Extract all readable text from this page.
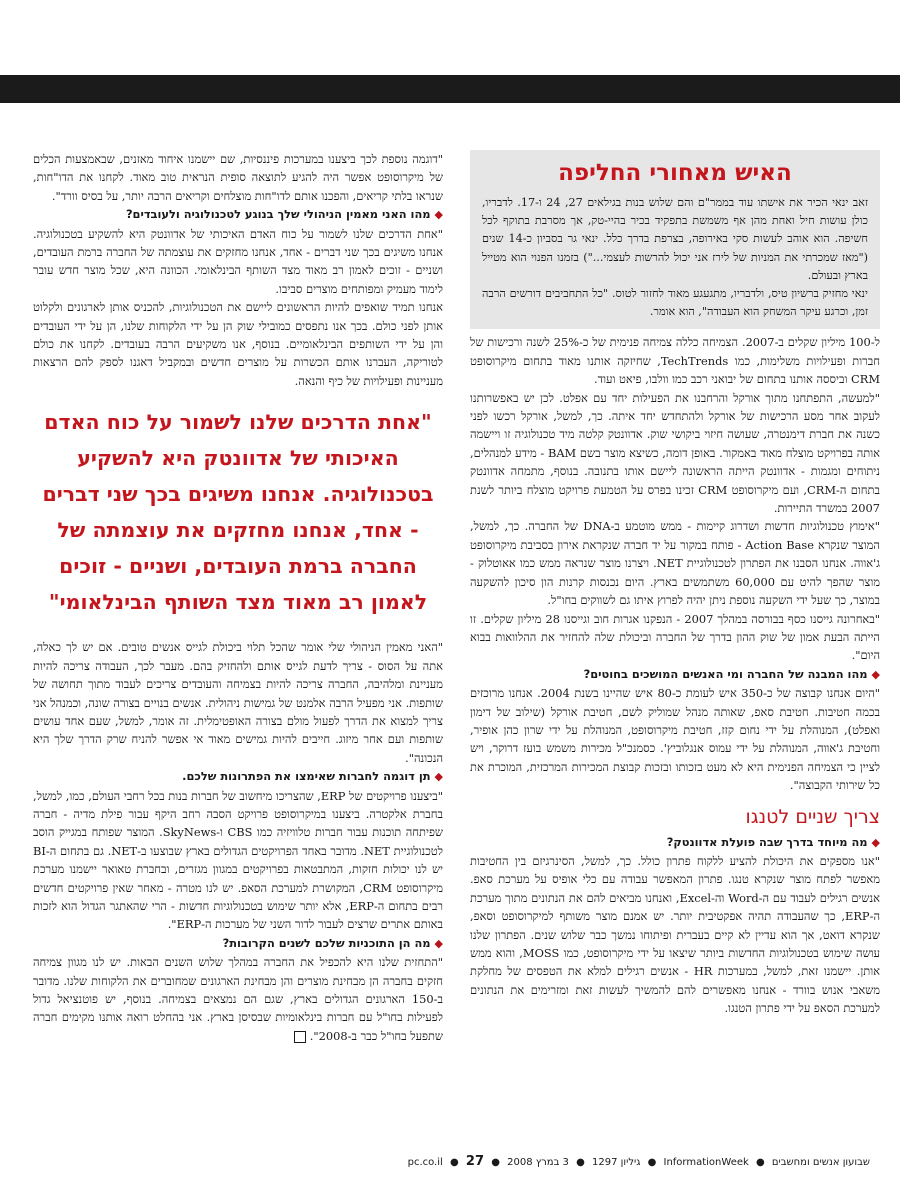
האיש מאחורי החליפה

זאב ינאי הכיר את אישתו עוד בממר"ם והם שלוש בנות בגילאים 27, 24 ו-17. לדבריו, כולן עושות חיל ואחת מהן אף משמשת בתפקיד בכיר בהיי-טק, אך מסרבת בתוקף לכל חשיפה. הוא אוהב לעשות סקי באירופה, בצרפת בדרך כלל. ינאי גר בסביון כ-14 שנים ("מאז שמכרתי את המניות של לירז אני יכול להרשות לעצמי...") בזמנו הפנוי הוא מטייל בארץ ובעולם.

ינאי מחזיק ברשיון טיס, ולדבריו, מתגעגע מאוד לחזור לטוס. "כל התחביבים דורשים הרבה זמן, וכרגע עיקר המשחק הוא העבודה", הוא אומר.

ל-100 מיליון שקלים ב-2007. הצמיחה כללה צמיחה פנימית של כ-25% לשנה ורכישות של חברות ופעילויות משלימות, כמו TechTrends, שחיזקה אותנו מאוד בתחום מיקרוסופט CRM וביססה אותנו בתחום של יבואני רכב כמו וולבו, פיאט ועוד.

"למעשה, התפתחנו מתוך אורקל והרחבנו את הפעילות יחד עם אפלט. לכן יש באפשרותנו לעקוב אחר מסע הרכישות של אורקל ולהתחדש יחד איתה. כך, למשל, אורקל רכשו לפני כשנה את חברת דימנטרה, שעושה חיזוי ביקושי שוק. אדוונטק קלטה מיד טכנולוגיה זו ויישמה אותה בפרויקט מוצלח מאוד באמקור. באופן דומה, כשיצא מוצר בשם BAM - מידע למנהלים, ניתוחים ומגמות - אדוונטק הייתה הראשונה ליישם אותו בתנובה. בנוסף, מתמחה אדוונטק בתחום ה-CRM, ועם מיקרוסופט CRM זכינו בפרס על הטמעת פרויקט מוצלח ביותר לשנת 2007 במשרד התיירות.

"אימוץ טכנולוגיות חדשות ושדרוג קיימות - ממש מוטמע ב-DNA של החברה. כך, למשל, המוצר שנקרא Action Base - פותח במקור על יד חברה שנקראת אירון בסביבת מיקרוסופט ג'אווה. אנחנו הסבנו את הפתרון לטכנולוגיית NET. ויצרנו מוצר שנראה ממש כמו אאוטלוק - מוצר שהפך להיט עם 60,000 משתמשים בארץ. היום נכנסות קרנות הון סיכון להשקעה במוצר, כך שעל ידי השקעה נוספת ניתן יהיה לפרוץ איתו גם לשווקים בחו"ל.

"באחרונה גייסנו כסף בבורסה במהלך 2007 - הנפקנו אגרות חוב וגייסנו 28 מיליון שקלים. זו הייתה הבעת אמון של שוק ההון בדרך של החברה וביכולת שלה להחזיר את ההלוואות בבוא היום".

◆מהו המבנה של החברה ומי האנשים המושכים בחוטים?

"היום אנחנו קבוצה של כ-350 איש לעומת כ-80 איש שהיינו בשנת 2004. אנחנו מרוכזים בכמה חטיבות. חטיבת סאפ, שאותה מנהל שמוליק לשם, חטיבת אורקל (שילוב של דימון ואפלט), המנוהלת על ידי נחום קזז, חטיבת מיקרוסופט, המנוהלת על ידי שרון כהן אופיר, וחטיבת ג'אווה, המנוהלת על ידי עמוס אנגלוביץ'. כסמנכ"ל מכירות משמש בועז דרוקר, ויש לציין כי הצמיחה הפנימית היא לא מעט בזכותו ובזכות קבוצת המכירות המרכזית, המוכרת את כל שירותי הקבוצה".

צריך שניים לטנגו

◆מה מיוחד בדרך שבה פועלת אדוונטק?

"אנו מספקים את היכולת להציע ללקוח פתרון כולל. כך, למשל, הסינרגיזם בין החטיבות מאפשר לפתח מוצר שנקרא טנגו. פתרון המאפשר עבודה עם כלי אופיס על מערכת סאפ. אנשים רגילים לעבוד עם ה-Word וה-Excel, ואנחנו מביאים להם את הנתונים מתוך מערכת ה-ERP, כך שהעבודה תהיה אפקטיבית יותר. יש אמנם מוצר משותף למיקרוסופט וסאפ, שנקרא דואט, אך הוא עדיין לא קיים בעברית ופיתוחו נמשך כבר שלוש שנים. הפתרון שלנו עושה שימוש בטכנולוגיות החדשות ביותר שיצאו על ידי מיקרוסופט, כמו MOSS, והוא ממש אותן. יישמנו זאת, למשל, במערכות HR - אנשים רגילים למלא את הטפסים של מחלקת משאבי אנוש בוורד - אנחנו מאפשרים להם להמשיך לעשות זאת ומזרימים את הנתונים למערכת הסאפ על ידי פתרון הטנגו.

"דוגמה נוספת לכך ביצענו במערכות פיננסיות, שם יישמנו איחוד מאזנים, שבאמצעות הכלים של מיקרוסופט אפשר היה להגיע לתוצאה סופית הנראית טוב מאוד. לקחנו את הדו"חות, שנראו בלתי קריאים, והפכנו אותם לדו"חות מוצלחים וקריאים הרבה יותר, על בסיס וורד".

◆מהו האני מאמין הניהולי שלך בנוגע לטכנולוגיה ולעובדים?

"אחת הדרכים שלנו לשמור על כוח האדם האיכותי של אדוונטק היא להשקיע בטכנולוגיה. אנחנו משיגים בכך שני דברים - אחד, אנחנו מחזקים את עוצמתה של החברה ברמת העובדים, ושניים - זוכים לאמון רב מאוד מצד השותף הבינלאומי. הכוונה היא, שכל מוצר חדש עובר לימוד מעמיק ומפותחים מוצרים סביבו.

אנחנו תמיד שואפים להיות הראשונים ליישם את הטכנולוגיות, להכניס אותן לארגונים ולקלוט אותן לפני כולם. בכך אנו נתפסים כמובילי שוק הן על ידי הלקוחות שלנו, הן על ידי העובדים והן על ידי השותפים הבינלאומיים. בנוסף, אנו משקיעים הרבה בעובדים. לקחנו את כולם לטוריקה, העברנו אותם הכשרות על מוצרים חדשים ובמקביל דאגנו לספק להם הרצאות מעניינות ופעילויות של כיף והנאה.

"אחת הדרכים שלנו לשמור על כוח האדם האיכותי של אדוונטק היא להשקיע בטכנולוגיה. אנחנו משיגים בכך שני דברים - אחד, אנחנו מחזקים את עוצמתה של החברה ברמת העובדים, ושניים - זוכים לאמון רב מאוד מצד השותף הבינלאומי"

"האני מאמין הניהולי שלי אומר שהכל תלוי ביכולת לגייס אנשים טובים. אם יש לך כאלה, אתה על הסוס - צריך לדעת לגייס אותם ולהחזיק בהם. מעבר לכך, העבודה צריכה להיות מעניינת ומלהיבה, החברה צריכה להיות בצמיחה והעובדים צריכים לעבוד מתוך תחושה של שותפות. אני מפעיל הרבה אלמנט של גמישות ניהולית. אנשים בנויים בצורה שונה, וכמנהל אני צריך למצוא את הדרך לפעול מולם בצורה האופטימלית. זה אומר, למשל, שעם אחד עושים שותפות ועם אחר מיזוג. חייבים להיות גמישים מאוד אי אפשר להניח שרק הדרך שלך היא הנכונה".

◆תן דוגמה לחברות שאימצו את הפתרונות שלכם.

"ביצענו פרויקטים של ERP, שהצריכו מיחשוב של חברות בנות בכל רחבי העולם, כמו, למשל, בחברת אלקטרה. ביצענו במיקרוסופט פרויקט הסבה רחב היקף עבור פילת מדיה - חברה שפיתחה תוכנות עבור חברות טלוויזיה כמו CBS ו-SkyNews. המוצר שפותח במגייק הוסב לטכנולוגיית NET. מדובר באחד הפרויקטים הגדולים בארץ שבוצעו ב-NET. גם בתחום ה-BI יש לנו יכולות חזקות, המתבטאות בפרויקטים במגוון מגזרים, ובחברת טאואר יישמנו מערכת מיקרוסופט CRM, המקושרת למערכת הסאפ. יש לנו מטרה - מאחר שאין פרויקטים חדשים רבים בתחום ה-ERP, אלא יותר שימוש בטכנולוגיות חדשות - הרי שהאתגר הגדול הוא לזכות באותם אתרים שרצים לעבור לדור השני של מערכות ה-ERP".

◆מה הן התוכניות שלכם לשנים הקרובות?

"התחזית שלנו היא להכפיל את החברה במהלך שלוש השנים הבאות. יש לנו מגוון צמיחה חזקים בחברה הן מבחינת מוצרים והן מבחינת הארגונים שמחוברים את הלקוחות שלנו. מדובר ב-150 הארגונים הגדולים בארץ, שגם הם נמצאים בצמיחה. בנוסף, יש פוטנציאל גדול לפעילות בחו"ל עם חברות בינלאומיות שבסיסן בארץ. אני בהחלט רואה אותנו מקימים חברה שתפעל בחו"ל כבר ב-2008".

שבועון אנשים ומחשבים ● InformationWeek ● גיליון 1297 ● 3 במרץ 2008 ● pc.co.il ● 27
